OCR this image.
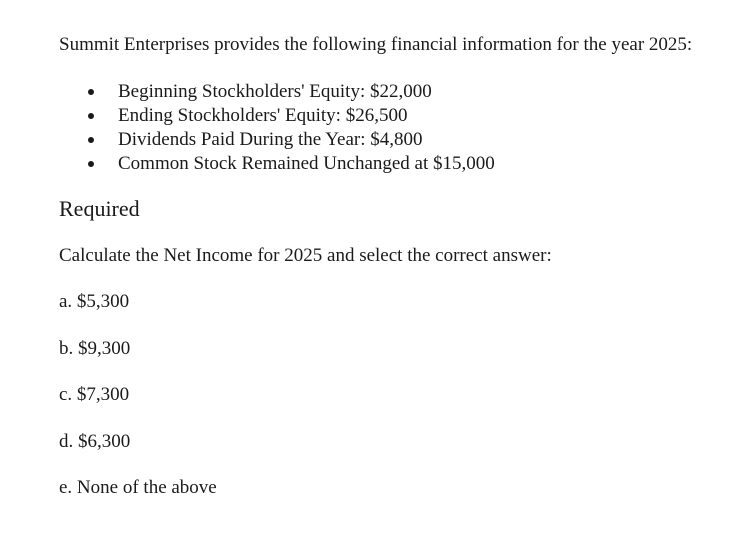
Summit Enterprises provides the following financial information for the year 2025:
Beginning Stockholders' Equity: $22,000
Ending Stockholders' Equity: $26,500
Dividends Paid During the Year: $4,800
Common Stock Remained Unchanged at $15,000
Required
Calculate the Net Income for 2025 and select the correct answer:
a. $5,300
b. $9,300
c. $7,300
d. $6,300
e. None of the above
